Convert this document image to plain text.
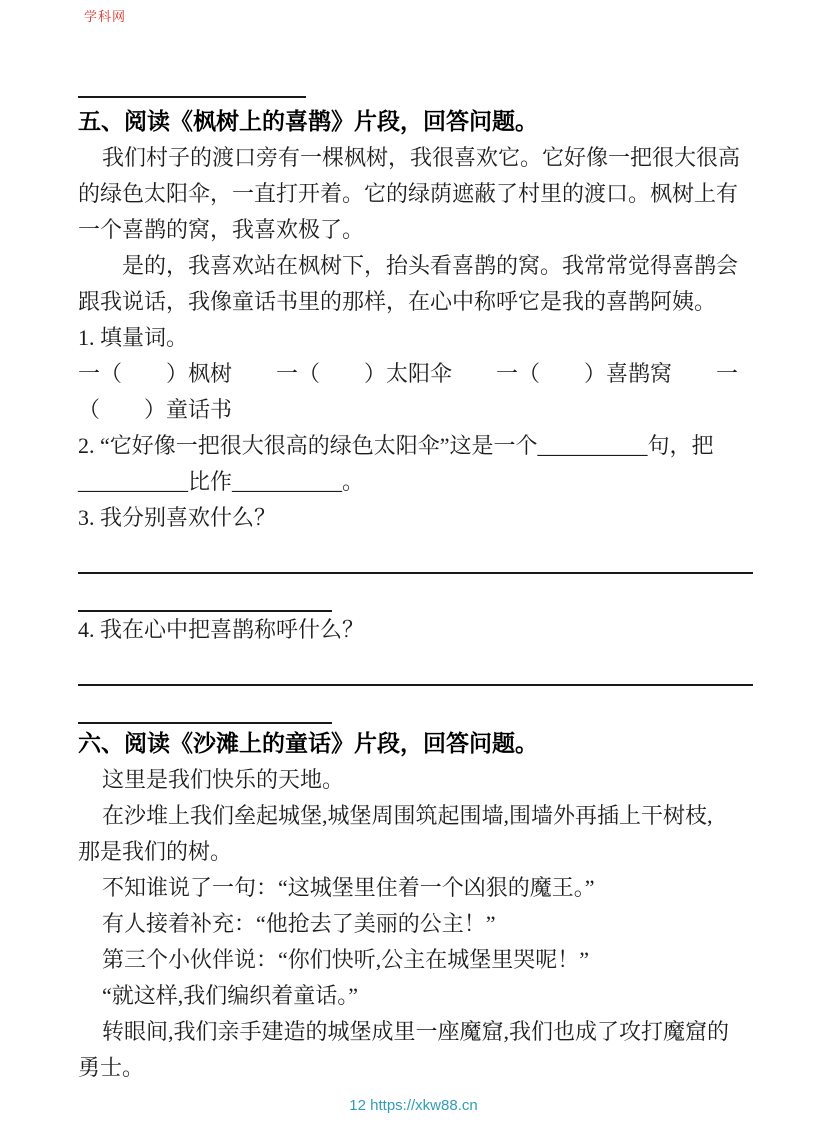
学科网
五、阅读《枫树上的喜鹊》片段，回答问题。
我们村子的渡口旁有一棵枫树，我很喜欢它。它好像一把很大很高
的绿色太阳伞，一直打开着。它的绿荫遮蔽了村里的渡口。枫树上有
一个喜鹊的窝，我喜欢极了。
是的，我喜欢站在枫树下，抬头看喜鹊的窝。我常常觉得喜鹊会
跟我说话，我像童话书里的那样，在心中称呼它是我的喜鹊阿姨。
1. 填量词。
一（　　）枫树　　一（　　）太阳伞　　一（　　）喜鹊窝　　一
（　　）童话书
2. “它好像一把很大很高的绿色太阳伞”这是一个__________句，把
__________比作__________。
3. 我分别喜欢什么？
4. 我在心中把喜鹊称呼什么？
六、阅读《沙滩上的童话》片段，回答问题。
这里是我们快乐的天地。
在沙堆上我们垒起城堡,城堡周围筑起围墙,围墙外再插上干树枝,
那是我们的树。
不知谁说了一句：“这城堡里住着一个凶狠的魔王。”
有人接着补充：“他抢去了美丽的公主！”
第三个小伙伴说：“你们快听,公主在城堡里哭呢！”
“就这样,我们编织着童话。”
转眼间,我们亲手建造的城堡成里一座魔窟,我们也成了攻打魔窟的
勇士。
12 https://xkw88.cn
